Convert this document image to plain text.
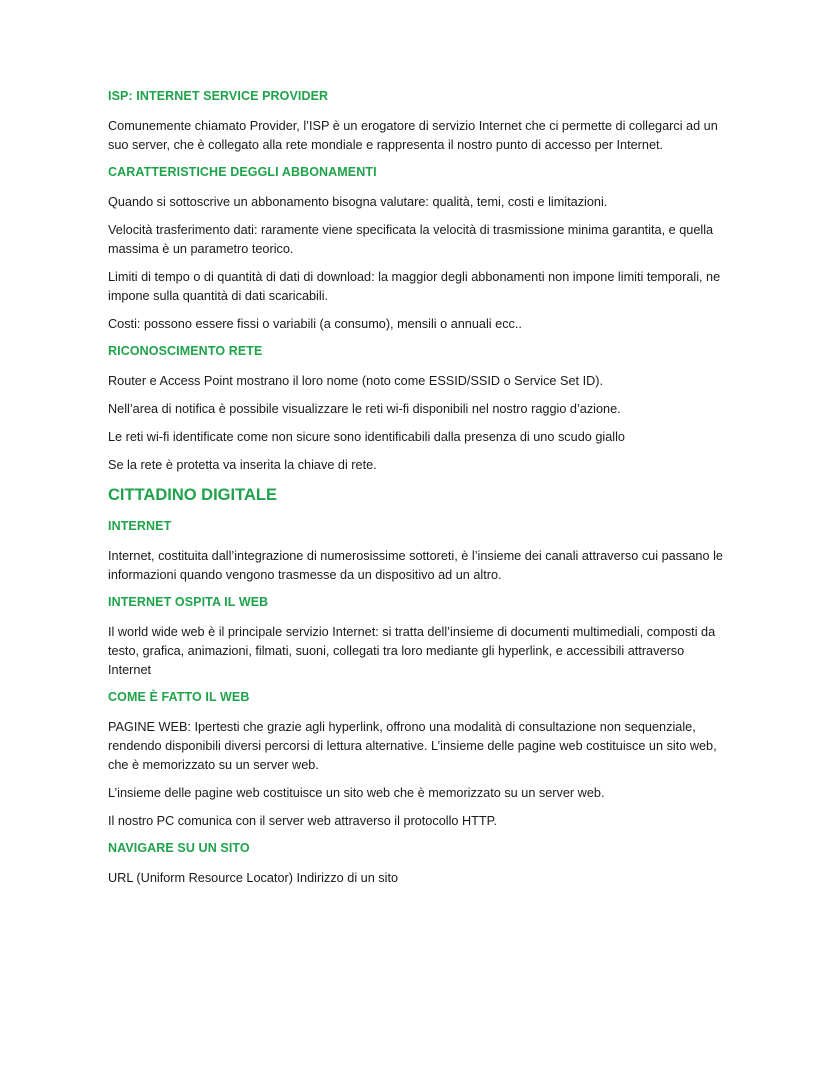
ISP: INTERNET SERVICE PROVIDER
Comunemente chiamato Provider, l’ISP è un erogatore di servizio Internet che ci permette di collegarci ad un suo server, che è collegato alla rete mondiale e rappresenta il nostro punto di accesso per Internet.
CARATTERISTICHE DEGGLI ABBONAMENTI
Quando si sottoscrive un abbonamento bisogna valutare: qualità, temi, costi e limitazioni.
Velocità trasferimento dati: raramente viene specificata la velocità di trasmissione minima garantita, e quella massima è un parametro teorico.
Limiti di tempo o di quantità di dati di download: la maggior degli abbonamenti non impone limiti temporali, ne impone sulla quantità di dati scaricabili.
Costi: possono essere fissi o variabili (a consumo), mensili o annuali ecc..
RICONOSCIMENTO RETE
Router e Access Point mostrano il loro nome (noto come ESSID/SSID o Service Set ID).
Nell’area di notifica è possibile visualizzare le reti wi-fi disponibili nel nostro raggio d’azione.
Le reti wi-fi identificate come non sicure sono identificabili dalla presenza di uno scudo giallo
Se la rete è protetta va inserita la chiave di rete.
CITTADINO DIGITALE
INTERNET
Internet, costituita dall’integrazione di numerosissime sottoreti, è l’insieme dei canali attraverso cui passano le informazioni quando vengono trasmesse da un dispositivo ad un altro.
INTERNET OSPITA IL WEB
Il world wide web è il principale servizio Internet: si tratta dell’insieme di documenti multimediali, composti da testo, grafica, animazioni, filmati, suoni, collegati tra loro mediante gli hyperlink, e accessibili attraverso Internet
COME È FATTO IL WEB
PAGINE WEB: Ipertesti che grazie agli hyperlink, offrono una modalità di consultazione non sequenziale, rendendo disponibili diversi percorsi di lettura alternative. L’insieme delle pagine web costituisce un sito web, che è memorizzato su un server web.
L’insieme delle pagine web costituisce un sito web che è memorizzato su un server web.
Il nostro PC comunica con il server web attraverso il protocollo HTTP.
NAVIGARE SU UN SITO
URL (Uniform Resource Locator) Indirizzo di un sito
